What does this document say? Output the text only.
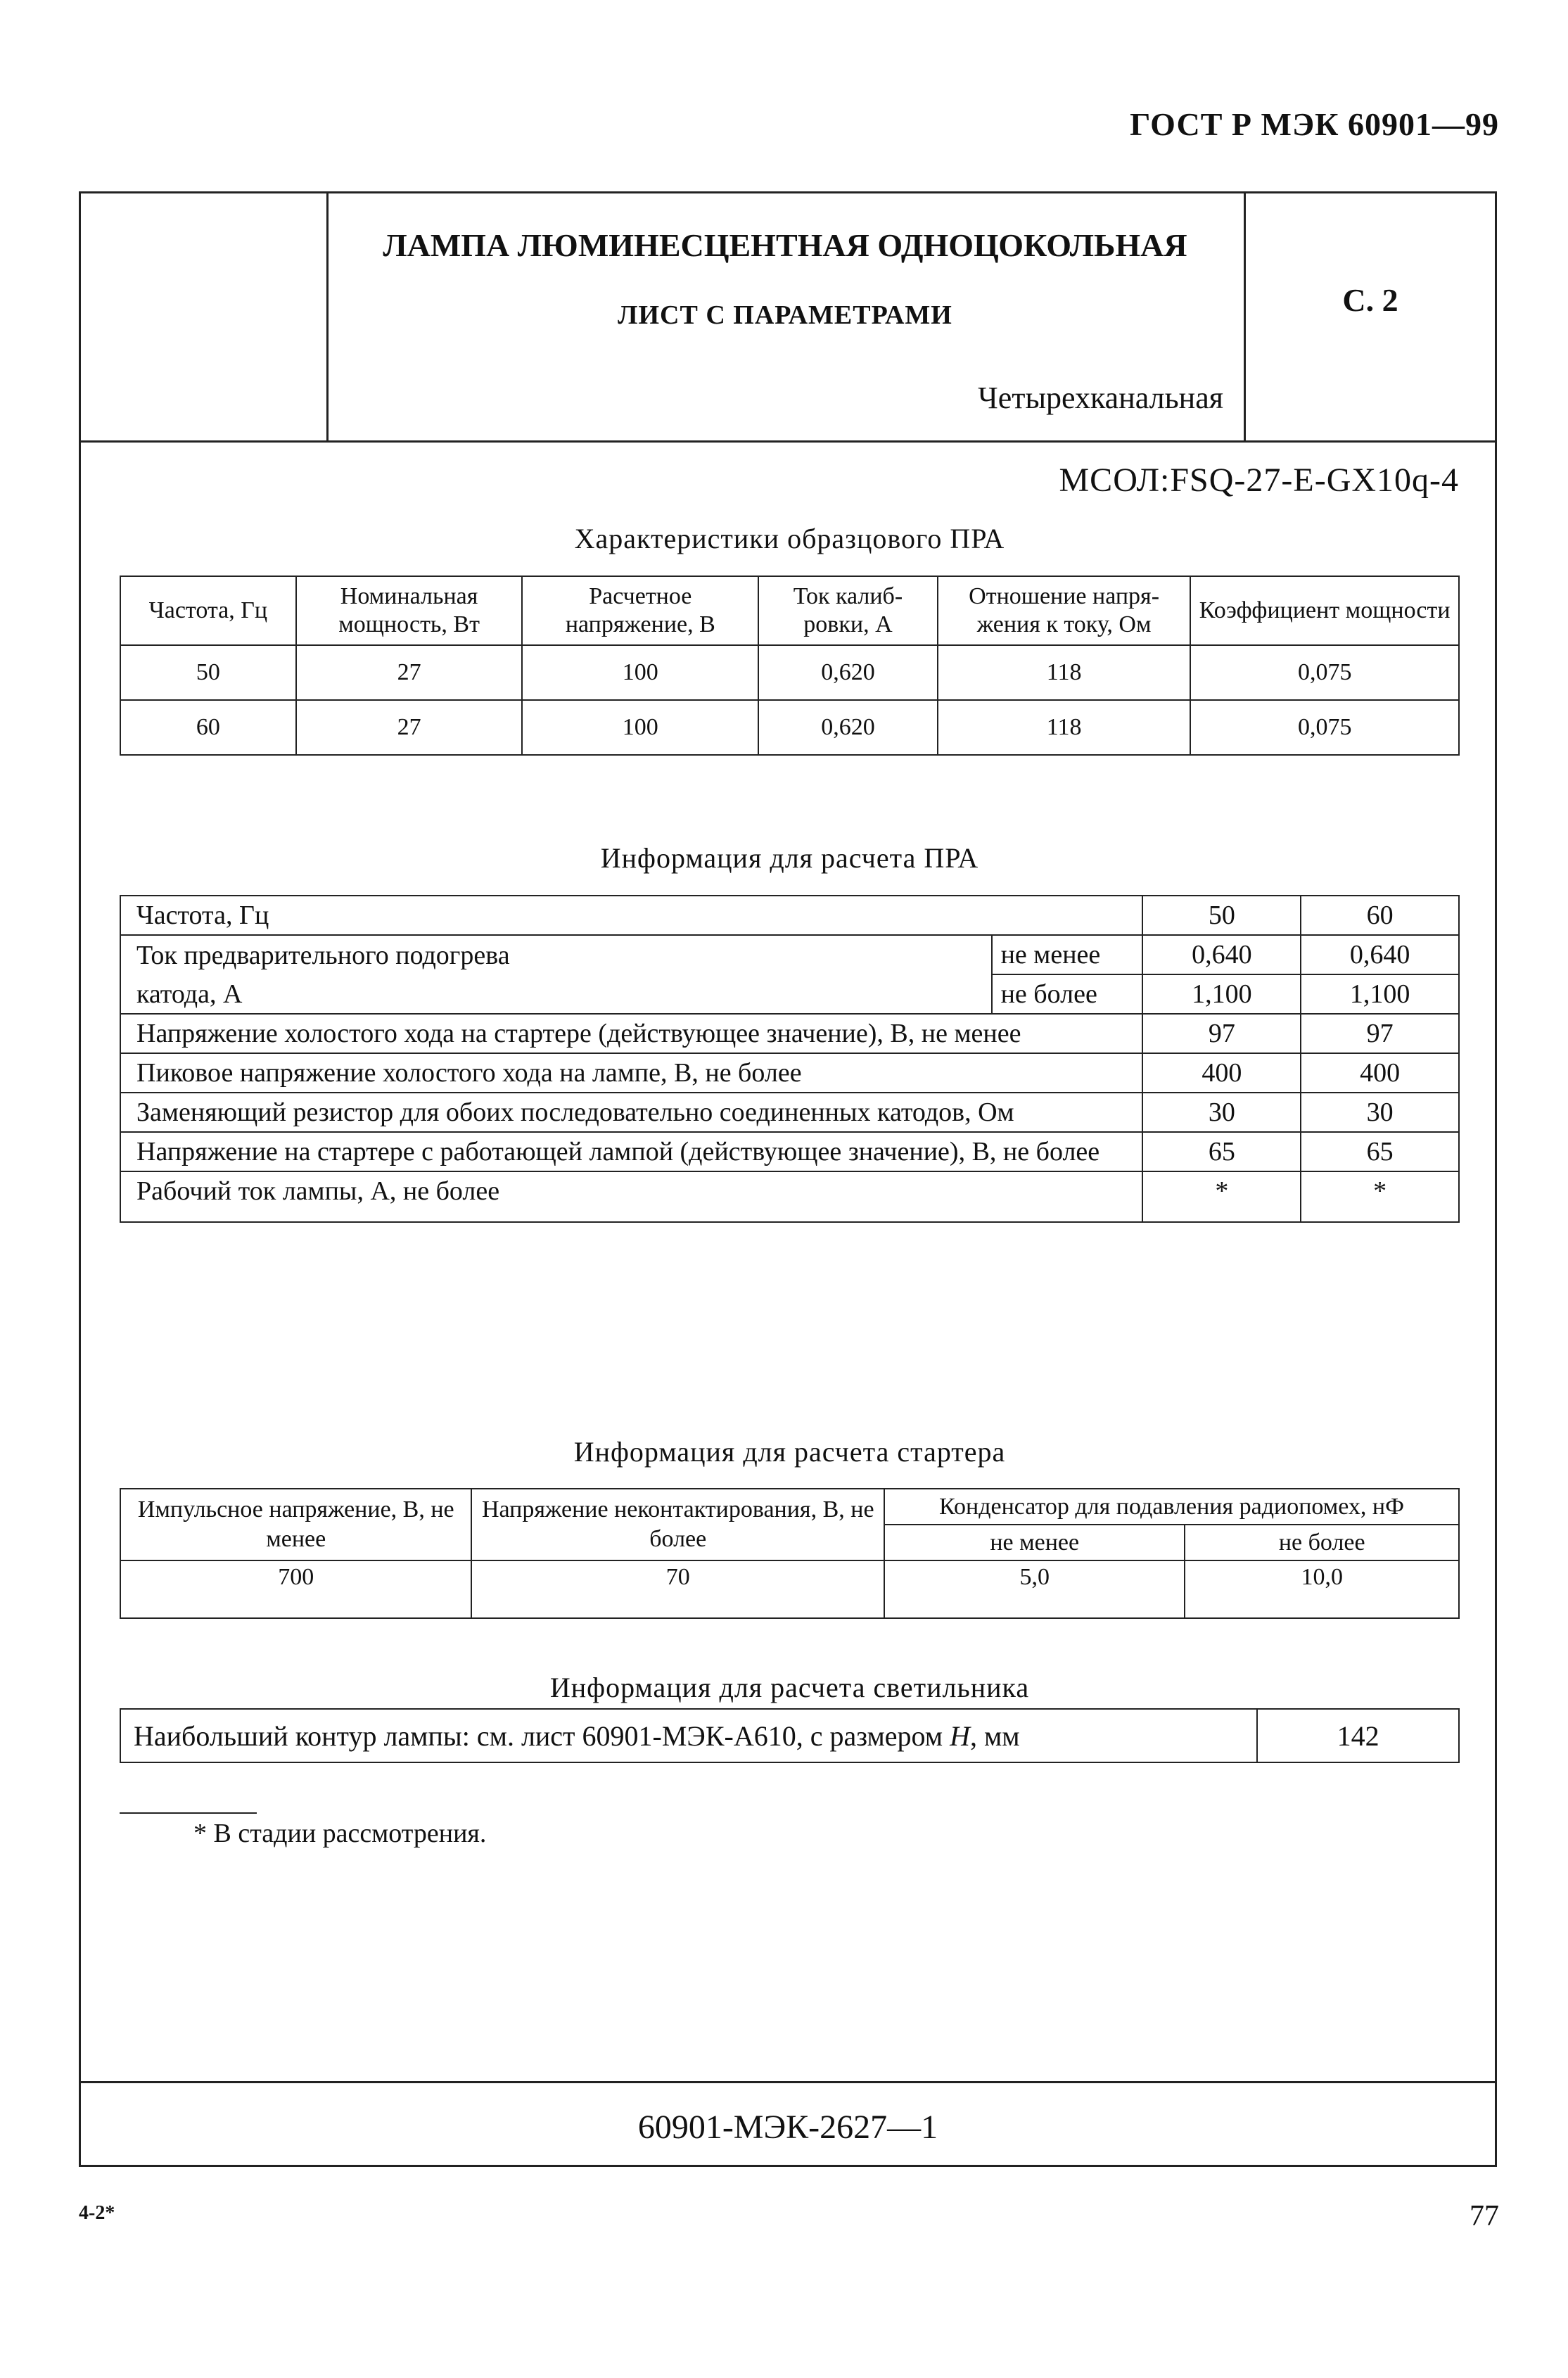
ГОСТ Р МЭК 60901—99
ЛАМПА ЛЮМИНЕСЦЕНТНАЯ ОДНОЦОКОЛЬНАЯ
ЛИСТ С ПАРАМЕТРАМИ
Четырехканальная
С. 2
МСОЛ:FSQ-27-E-GX10q-4
Характеристики образцового ПРА
Частота, Гц	Номинальная мощность, Вт	Расчетное напряжение, В	Ток калиб-ровки, А	Отношение напря-жения к току, Ом	Коэффициент мощности
50	27	100	0,620	118	0,075
60	27	100	0,620	118	0,075
Информация для расчета ПРА
Частота, Гц		50	60
Ток предварительного подогрева	не менее	0,640	0,640
катода, А	не более	1,100	1,100
Напряжение холостого хода на стартере (действующее значение), В, не менее		97	97
Пиковое напряжение холостого хода на лампе, В, не более		400	400
Заменяющий резистор для обоих последовательно соединенных катодов, Ом		30	30
Напряжение на стартере с работающей лампой (действующее значение), В, не более		65	65
Рабочий ток лампы, А, не более		*	*
Информация для расчета стартера
Импульсное напряжение, В, не менее	Напряжение неконтактирования, В, не более	Конденсатор для подавления радиопомех, нФ	
		не менее	не более
700	70	5,0	10,0
Информация для расчета светильника
Наибольший контур лампы: см. лист 60901-МЭК-А610, с размером H, мм	142
* В стадии рассмотрения.
60901-МЭК-2627—1
4-2*	77
